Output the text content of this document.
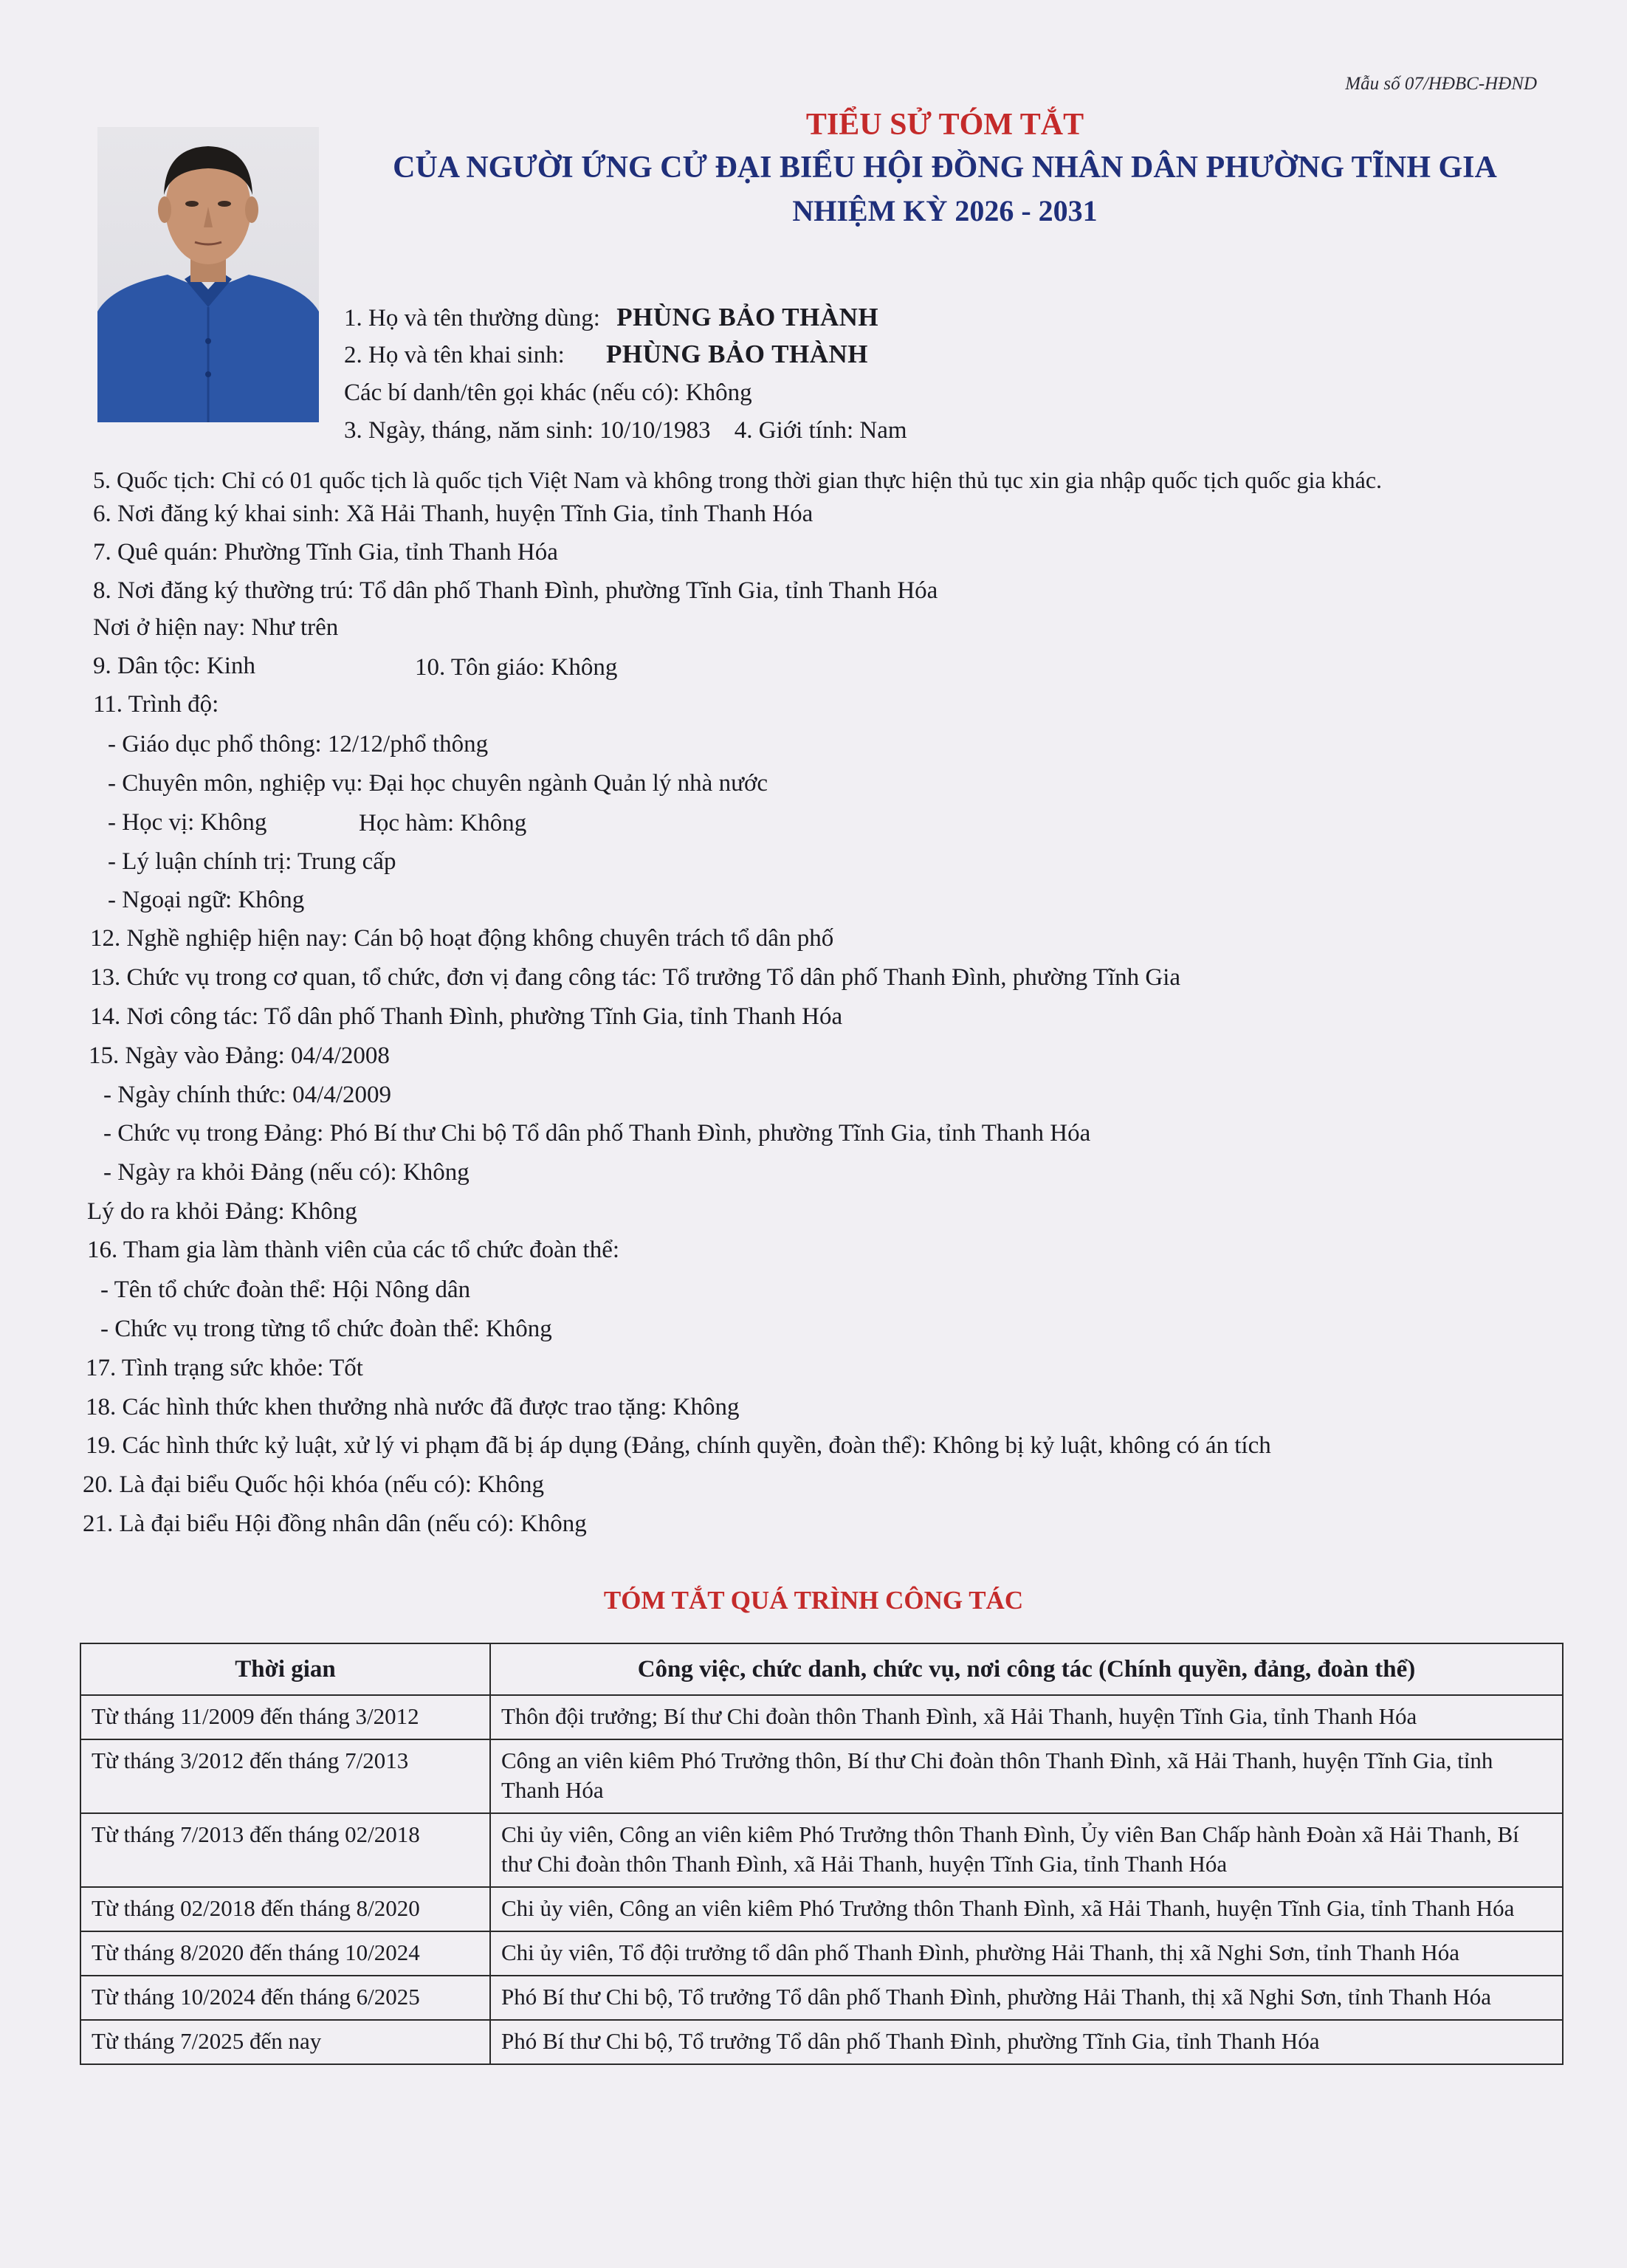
Mẫu số 07/HĐBC-HĐND
TIỂU SỬ TÓM TẮT
CỦA NGƯỜI ỨNG CỬ ĐẠI BIỂU HỘI ĐỒNG NHÂN DÂN PHƯỜNG TĨNH GIA
NHIỆM KỲ 2026 - 2031
1. Họ và tên thường dùng: PHÙNG BẢO THÀNH
2. Họ và tên khai sinh: PHÙNG BẢO THÀNH
Các bí danh/tên gọi khác (nếu có): Không
3. Ngày, tháng, năm sinh: 10/10/1983 4. Giới tính: Nam
5. Quốc tịch: Chỉ có 01 quốc tịch là quốc tịch Việt Nam và không trong thời gian thực hiện thủ tục xin gia nhập quốc tịch quốc gia khác.
6. Nơi đăng ký khai sinh: Xã Hải Thanh, huyện Tĩnh Gia, tỉnh Thanh Hóa
7. Quê quán: Phường Tĩnh Gia, tỉnh Thanh Hóa
8. Nơi đăng ký thường trú: Tổ dân phố Thanh Đình, phường Tĩnh Gia, tỉnh Thanh Hóa
Nơi ở hiện nay: Như trên
9. Dân tộc: Kinh	10. Tôn giáo: Không
11. Trình độ:
- Giáo dục phổ thông: 12/12/phổ thông
- Chuyên môn, nghiệp vụ: Đại học chuyên ngành Quản lý nhà nước
- Học vị: Không	Học hàm: Không
- Lý luận chính trị: Trung cấp
- Ngoại ngữ: Không
12. Nghề nghiệp hiện nay: Cán bộ hoạt động không chuyên trách tổ dân phố
13. Chức vụ trong cơ quan, tổ chức, đơn vị đang công tác: Tổ trưởng Tổ dân phố Thanh Đình, phường Tĩnh Gia
14. Nơi công tác: Tổ dân phố Thanh Đình, phường Tĩnh Gia, tỉnh Thanh Hóa
15. Ngày vào Đảng: 04/4/2008
- Ngày chính thức: 04/4/2009
- Chức vụ trong Đảng: Phó Bí thư Chi bộ Tổ dân phố Thanh Đình, phường Tĩnh Gia, tỉnh Thanh Hóa
- Ngày ra khỏi Đảng (nếu có): Không
Lý do ra khỏi Đảng: Không
16. Tham gia làm thành viên của các tổ chức đoàn thể:
- Tên tổ chức đoàn thể: Hội Nông dân
- Chức vụ trong từng tổ chức đoàn thể: Không
17. Tình trạng sức khỏe: Tốt
18. Các hình thức khen thưởng nhà nước đã được trao tặng: Không
19. Các hình thức kỷ luật, xử lý vi phạm đã bị áp dụng (Đảng, chính quyền, đoàn thể): Không bị kỷ luật, không có án tích
20. Là đại biểu Quốc hội khóa (nếu có): Không
21. Là đại biểu Hội đồng nhân dân (nếu có): Không
TÓM TẮT QUÁ TRÌNH CÔNG TÁC
Thời gian	Công việc, chức danh, chức vụ, nơi công tác (Chính quyền, đảng, đoàn thể)
Từ tháng 11/2009 đến tháng 3/2012	Thôn đội trưởng; Bí thư Chi đoàn thôn Thanh Đình, xã Hải Thanh, huyện Tĩnh Gia, tỉnh Thanh Hóa
Từ tháng 3/2012 đến tháng 7/2013	Công an viên kiêm Phó Trưởng thôn, Bí thư Chi đoàn thôn Thanh Đình, xã Hải Thanh, huyện Tĩnh Gia, tỉnh Thanh Hóa
Từ tháng 7/2013 đến tháng 02/2018	Chi ủy viên, Công an viên kiêm Phó Trưởng thôn Thanh Đình, Ủy viên Ban Chấp hành Đoàn xã Hải Thanh, Bí thư Chi đoàn thôn Thanh Đình, xã Hải Thanh, huyện Tĩnh Gia, tỉnh Thanh Hóa
Từ tháng 02/2018 đến tháng 8/2020	Chi ủy viên, Công an viên kiêm Phó Trưởng thôn Thanh Đình, xã Hải Thanh, huyện Tĩnh Gia, tỉnh Thanh Hóa
Từ tháng 8/2020 đến tháng 10/2024	Chi ủy viên, Tổ đội trưởng tổ dân phố Thanh Đình, phường Hải Thanh, thị xã Nghi Sơn, tỉnh Thanh Hóa
Từ tháng 10/2024 đến tháng 6/2025	Phó Bí thư Chi bộ, Tổ trưởng Tổ dân phố Thanh Đình, phường Hải Thanh, thị xã Nghi Sơn, tỉnh Thanh Hóa
Từ tháng 7/2025 đến nay	Phó Bí thư Chi bộ, Tổ trưởng Tổ dân phố Thanh Đình, phường Tĩnh Gia, tỉnh Thanh Hóa
